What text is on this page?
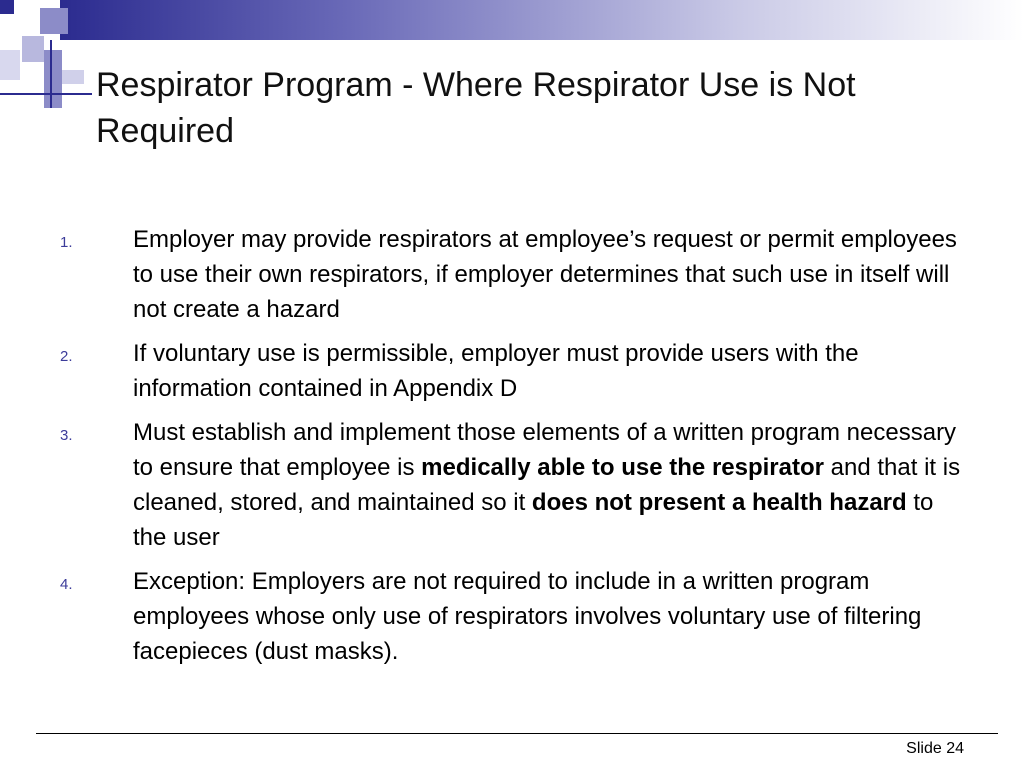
Respirator Program - Where Respirator Use is Not Required
1.	Employer may provide respirators at employee’s request or permit employees to use their own respirators, if employer determines that such use in itself will not create a hazard
2.	If voluntary use is permissible, employer must provide users with the information contained in Appendix D
3.	Must establish and implement those elements of a written program necessary to ensure that employee is medically able to use the respirator and that it is cleaned, stored, and maintained so it does not present a health hazard to the user
4.	Exception: Employers are not required to include in a written program employees whose only use of respirators involves voluntary use of filtering facepieces (dust masks).
Slide 24
